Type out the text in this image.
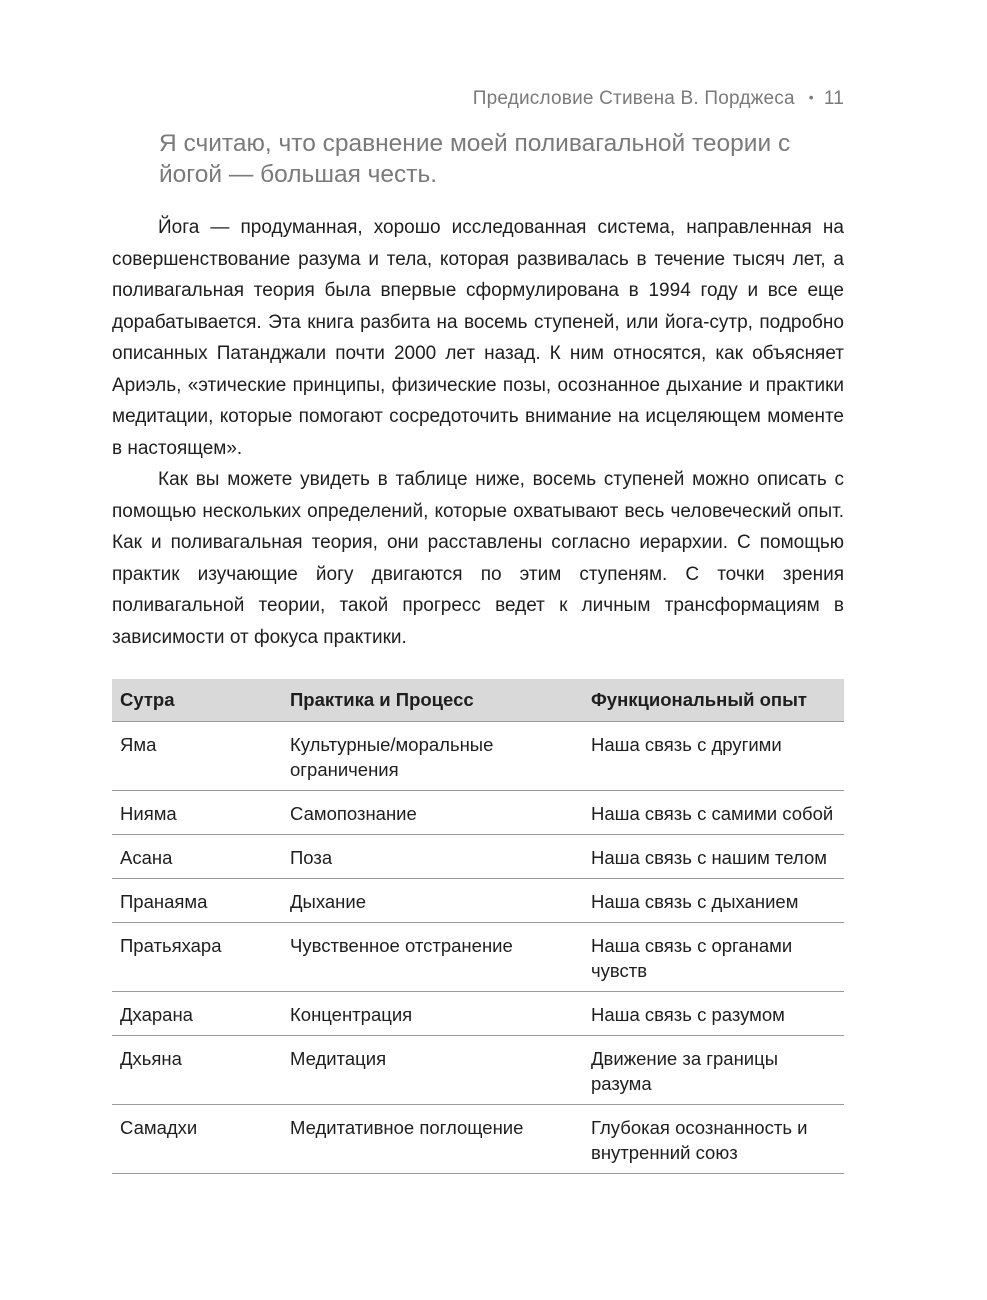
Предисловие Стивена В. Порджеса • 11

Я считаю, что сравнение моей поливагальной теории с йогой — большая честь.

Йога — продуманная, хорошо исследованная система, направленная на совершенствование разума и тела, которая развивалась в течение тысяч лет, а поливагальная теория была впервые сформулирована в 1994 году и все еще дорабатывается. Эта книга разбита на восемь ступеней, или йога-сутр, подробно описанных Патанджали почти 2000 лет назад. К ним относятся, как объясняет Ариэль, «этические принципы, физические позы, осознанное дыхание и практики медитации, которые помогают сосредоточить внимание на исцеляющем моменте в настоящем».

Как вы можете увидеть в таблице ниже, восемь ступеней можно описать с помощью нескольких определений, которые охватывают весь человеческий опыт. Как и поливагальная теория, они расставлены согласно иерархии. С помощью практик изучающие йогу двигаются по этим ступеням. С точки зрения поливагальной теории, такой прогресс ведет к личным трансформациям в зависимости от фокуса практики.

Сутра	Практика и Процесс	Функциональный опыт
Яма	Культурные/моральные ограничения	Наша связь с другими
Нияма	Самопознание	Наша связь с самими собой
Асана	Поза	Наша связь с нашим телом
Пранаяма	Дыхание	Наша связь с дыханием
Пратьяхара	Чувственное отстранение	Наша связь с органами чувств
Дхарана	Концентрация	Наша связь с разумом
Дхьяна	Медитация	Движение за границы разума
Самадхи	Медитативное поглощение	Глубокая осознанность и внутренний союз
